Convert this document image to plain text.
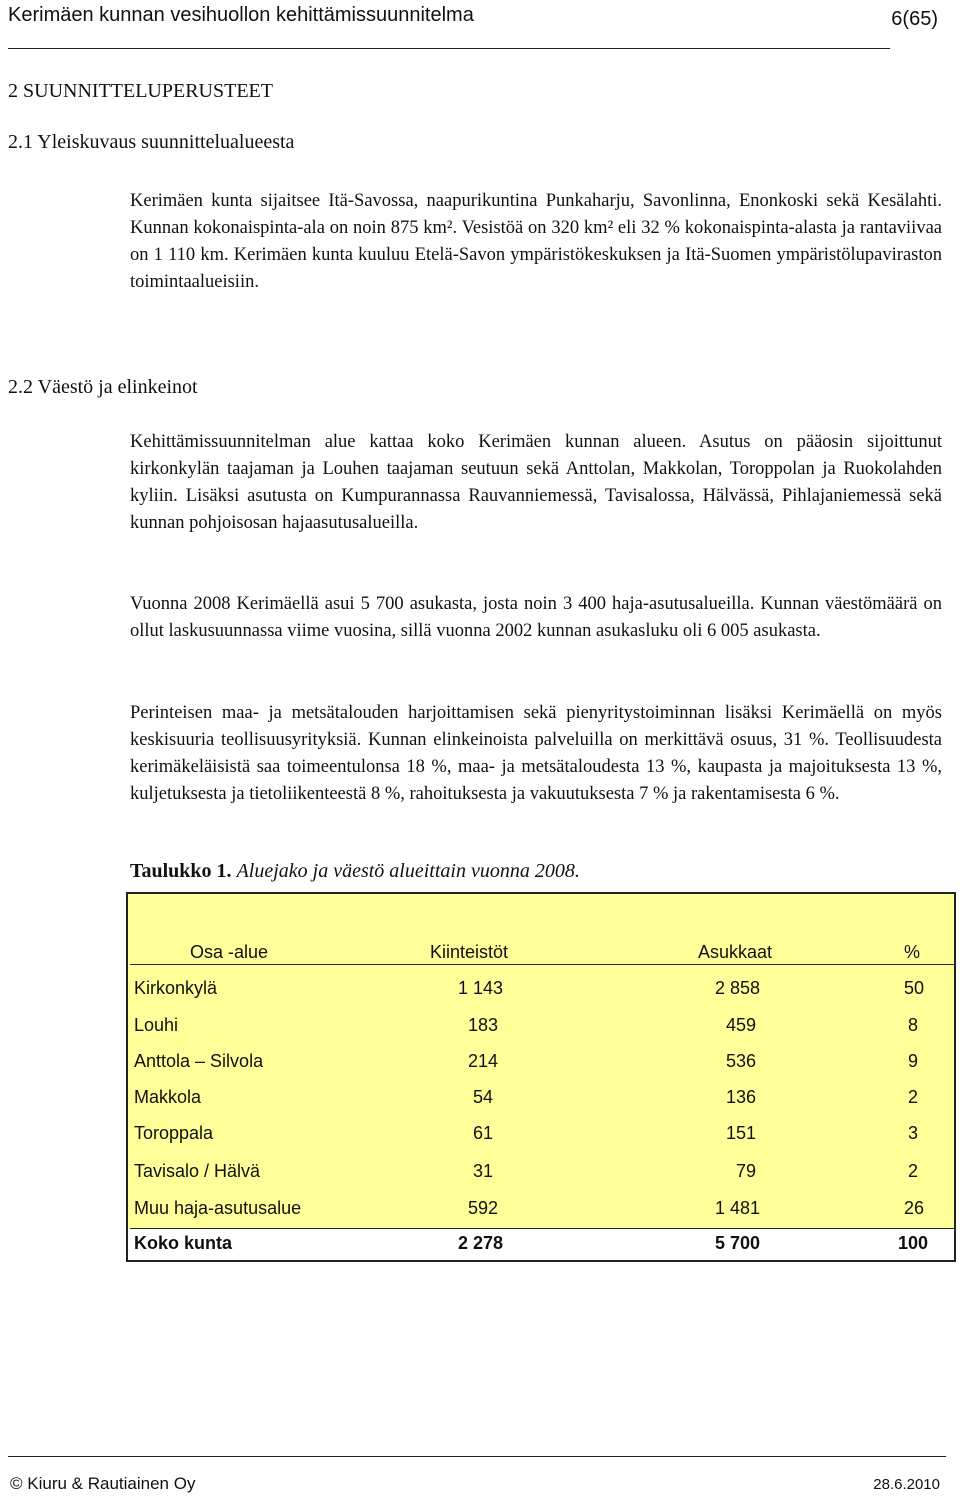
Kerimäen kunnan vesihuollon kehittämissuunnitelma	6(65)
2 SUUNNITTELUPERUSTEET
2.1 Yleiskuvaus suunnittelualueesta

Kerimäen kunta sijaitsee Itä-Savossa, naapurikuntina Punkaharju, Savonlinna, Enonkoski sekä Kesälahti. Kunnan kokonaispinta-ala on noin 875 km². Vesistöä on 320 km² eli 32 % kokonaispinta-alasta ja rantaviivaa on 1 110 km. Kerimäen kunta kuuluu Etelä-Savon ympäristökeskuksen ja Itä-Suomen ympäristölupaviraston toimintaalueisiin.

2.2 Väestö ja elinkeinot

Kehittämissuunnitelman alue kattaa koko Kerimäen kunnan alueen. Asutus on pääosin sijoittunut kirkonkylän taajaman ja Louhen taajaman seutuun sekä Anttolan, Makkolan, Toroppolan ja Ruokolahden kyliin. Lisäksi asutusta on Kumpurannassa Rauvanniemessä, Tavisalossa, Hälvässä, Pihlajaniemessä sekä kunnan pohjoisosan hajaasutusalueilla.

Vuonna 2008 Kerimäellä asui 5 700 asukasta, josta noin 3 400 haja-asutusalueilla. Kunnan väestömäärä on ollut laskusuunnassa viime vuosina, sillä vuonna 2002 kunnan asukasluku oli 6 005 asukasta.

Perinteisen maa- ja metsätalouden harjoittamisen sekä pienyritystoiminnan lisäksi Kerimäellä on myös keskisuuria teollisuusyrityksiä. Kunnan elinkeinoista palveluilla on merkittävä osuus, 31 %. Teollisuudesta kerimäkeläisistä saa toimeentulonsa 18 %, maa- ja metsätaloudesta 13 %, kaupasta ja majoituksesta 13 %, kuljetuksesta ja tietoliikenteestä 8 %, rahoituksesta ja vakuutuksesta 7 % ja rakentamisesta 6 %.

Taulukko 1. Aluejako ja väestö alueittain vuonna 2008.
Osa -alue	Kiinteistöt	Asukkaat	%
Kirkonkylä	1 143	2 858	50
Louhi	183	459	8
Anttola – Silvola	214	536	9
Makkola	54	136	2
Toroppala	61	151	3
Tavisalo / Hälvä	31	79	2
Muu haja-asutusalue	592	1 481	26
Koko kunta	2 278	5 700	100
© Kiuru & Rautiainen Oy	28.6.2010
